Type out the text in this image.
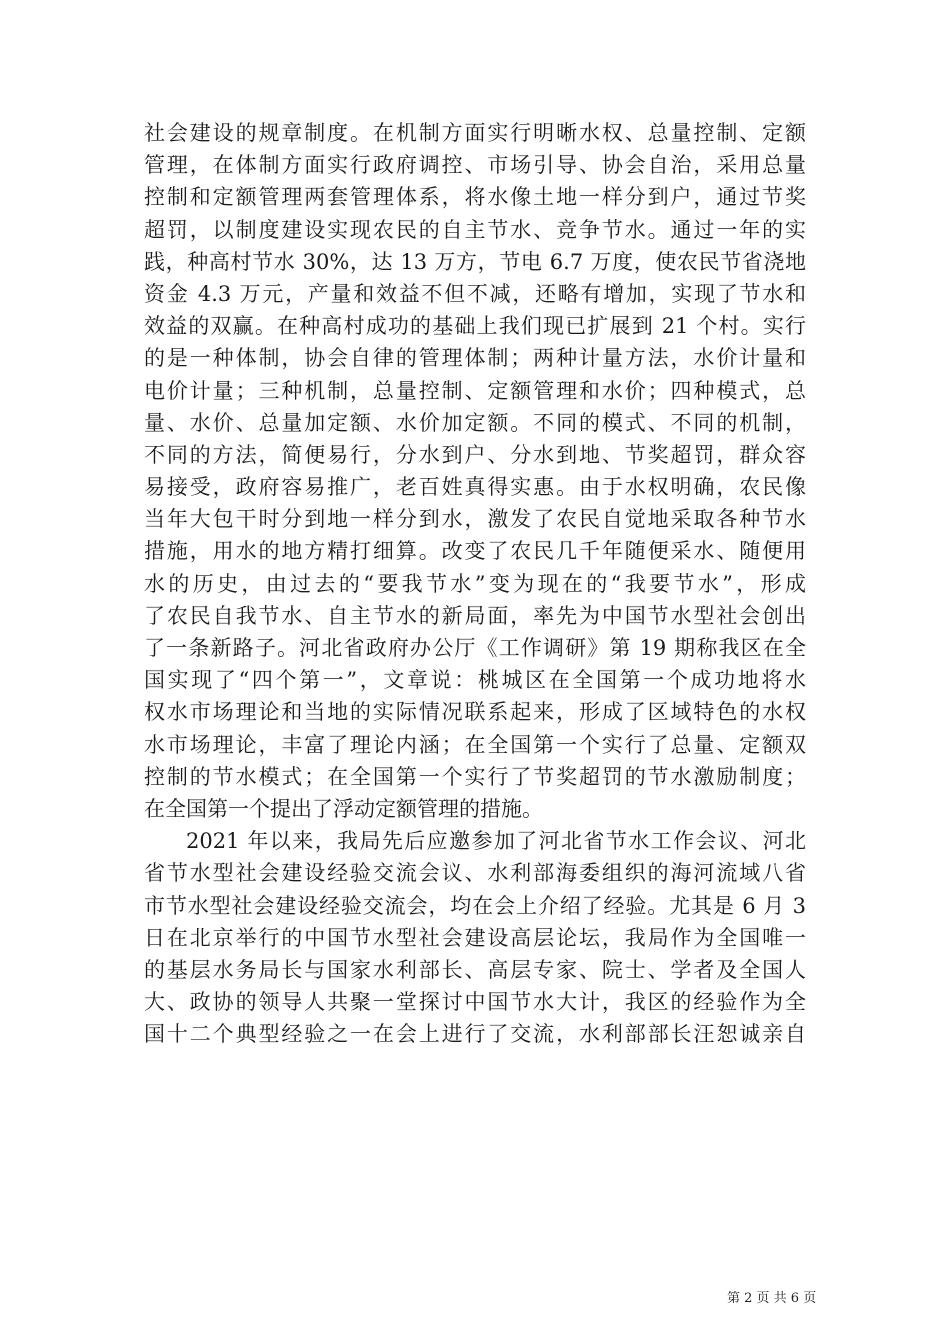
社会建设的规章制度。在机制方面实行明晰水权、总量控制、定额
管理，在体制方面实行政府调控、市场引导、协会自治，采用总量
控制和定额管理两套管理体系，将水像土地一样分到户，通过节奖
超罚，以制度建设实现农民的自主节水、竞争节水。通过一年的实
践，种高村节水 30%，达 13 万方，节电 6.7 万度，使农民节省浇地
资金 4.3 万元，产量和效益不但不减，还略有增加，实现了节水和
效益的双赢。在种高村成功的基础上我们现已扩展到 21 个村。实行
的是一种体制，协会自律的管理体制；两种计量方法，水价计量和
电价计量；三种机制，总量控制、定额管理和水价；四种模式，总
量、水价、总量加定额、水价加定额。不同的模式、不同的机制，
不同的方法，简便易行，分水到户、分水到地、节奖超罚，群众容
易接受，政府容易推广，老百姓真得实惠。由于水权明确，农民像
当年大包干时分到地一样分到水，激发了农民自觉地采取各种节水
措施，用水的地方精打细算。改变了农民几千年随便采水、随便用
水的历史，由过去的“要我节水”变为现在的“我要节水”，形成
了农民自我节水、自主节水的新局面，率先为中国节水型社会创出
了一条新路子。河北省政府办公厅《工作调研》第 19 期称我区在全
国实现了“四个第一”，文章说：桃城区在全国第一个成功地将水
权水市场理论和当地的实际情况联系起来，形成了区域特色的水权
水市场理论，丰富了理论内涵；在全国第一个实行了总量、定额双
控制的节水模式；在全国第一个实行了节奖超罚的节水激励制度；
在全国第一个提出了浮动定额管理的措施。
2021 年以来，我局先后应邀参加了河北省节水工作会议、河北
省节水型社会建设经验交流会议、水利部海委组织的海河流域八省
市节水型社会建设经验交流会，均在会上介绍了经验。尤其是 6 月 3
日在北京举行的中国节水型社会建设高层论坛，我局作为全国唯一
的基层水务局长与国家水利部长、高层专家、院士、学者及全国人
大、政协的领导人共聚一堂探讨中国节水大计，我区的经验作为全
国十二个典型经验之一在会上进行了交流，水利部部长汪恕诚亲自
第 2 页 共 6 页
